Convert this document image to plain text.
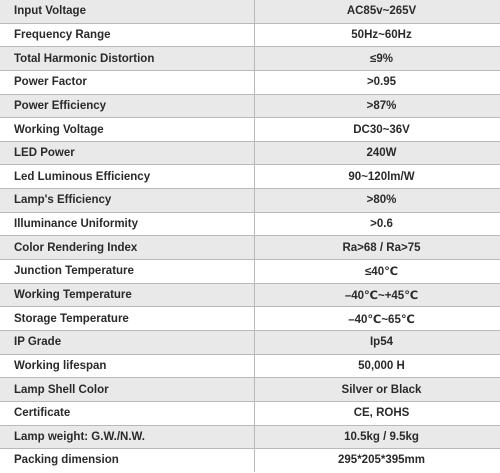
Input Voltage	AC85v~265V
Frequency Range	50Hz~60Hz
Total Harmonic Distortion	≤9%
Power Factor	>0.95
Power Efficiency	>87%
Working Voltage	DC30~36V
LED Power	240W
Led Luminous Efficiency	90~120lm/W
Lamp's Efficiency	>80%
Illuminance Uniformity	>0.6
Color Rendering Index	Ra>68 / Ra>75
Junction Temperature	≤40℃
Working Temperature	–40℃~+45℃
Storage Temperature	–40℃~65℃
IP Grade	Ip54
Working lifespan	50,000 H
Lamp Shell Color	Silver or Black
Certificate	CE, ROHS
Lamp weight: G.W./N.W.	10.5kg / 9.5kg
Packing dimension	295*205*395mm
